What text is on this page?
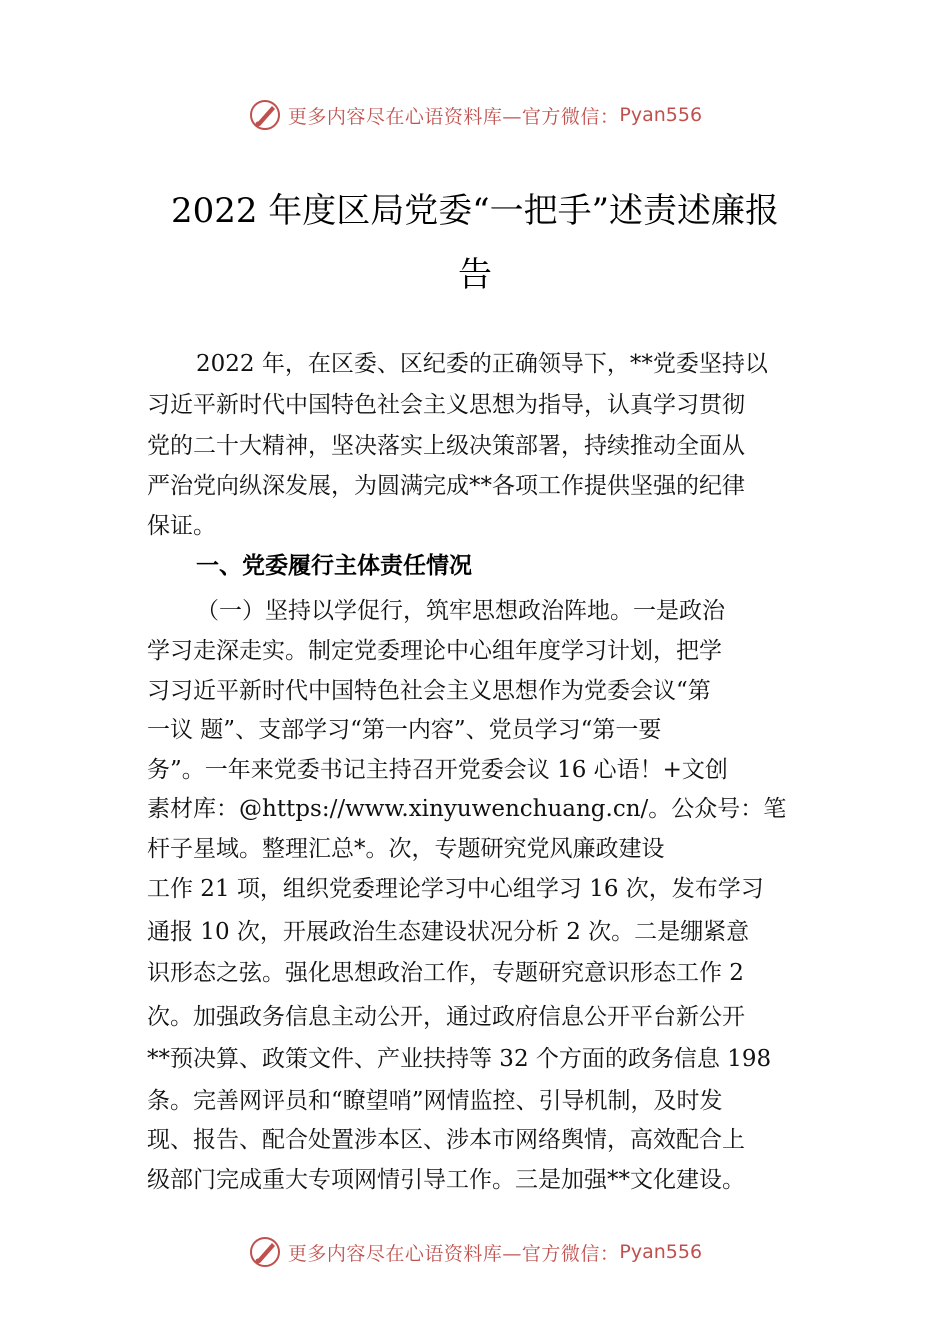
更多内容尽在心语资料库—官方微信： Pyan556
2022 年度区局党委“一把手”述责述廉报
告
2022 年，在区委、区纪委的正确领导下，**党委坚持以
习近平新时代中国特色社会主义思想为指导，认真学习贯彻
党的二十大精神，坚决落实上级决策部署，持续推动全面从
严治党向纵深发展，为圆满完成**各项工作提供坚强的纪律
保证。
一、党委履行主体责任情况
（一）坚持以学促行，筑牢思想政治阵地。一是政治
学习走深走实。制定党委理论中心组年度学习计划，把学
习习近平新时代中国特色社会主义思想作为党委会议“第
一议 题”、支部学习“第一内容”、党员学习“第一要
务”。一年来党委书记主持召开党委会议 16 心语！+文创
素材库：@https://www.xinyuwenchuang.cn/。公众号：笔
杆子星域。整理汇总*。次，专题研究党风廉政建设
工作 21 项，组织党委理论学习中心组学习 16 次，发布学习
通报 10 次，开展政治生态建设状况分析 2 次。二是绷紧意
识形态之弦。强化思想政治工作，专题研究意识形态工作 2
次。加强政务信息主动公开，通过政府信息公开平台新公开
**预决算、政策文件、产业扶持等 32 个方面的政务信息 198
条。完善网评员和“瞭望哨”网情监控、引导机制，及时发
现、报告、配合处置涉本区、涉本市网络舆情，高效配合上
级部门完成重大专项网情引导工作。三是加强**文化建设。
更多内容尽在心语资料库—官方微信： Pyan556
